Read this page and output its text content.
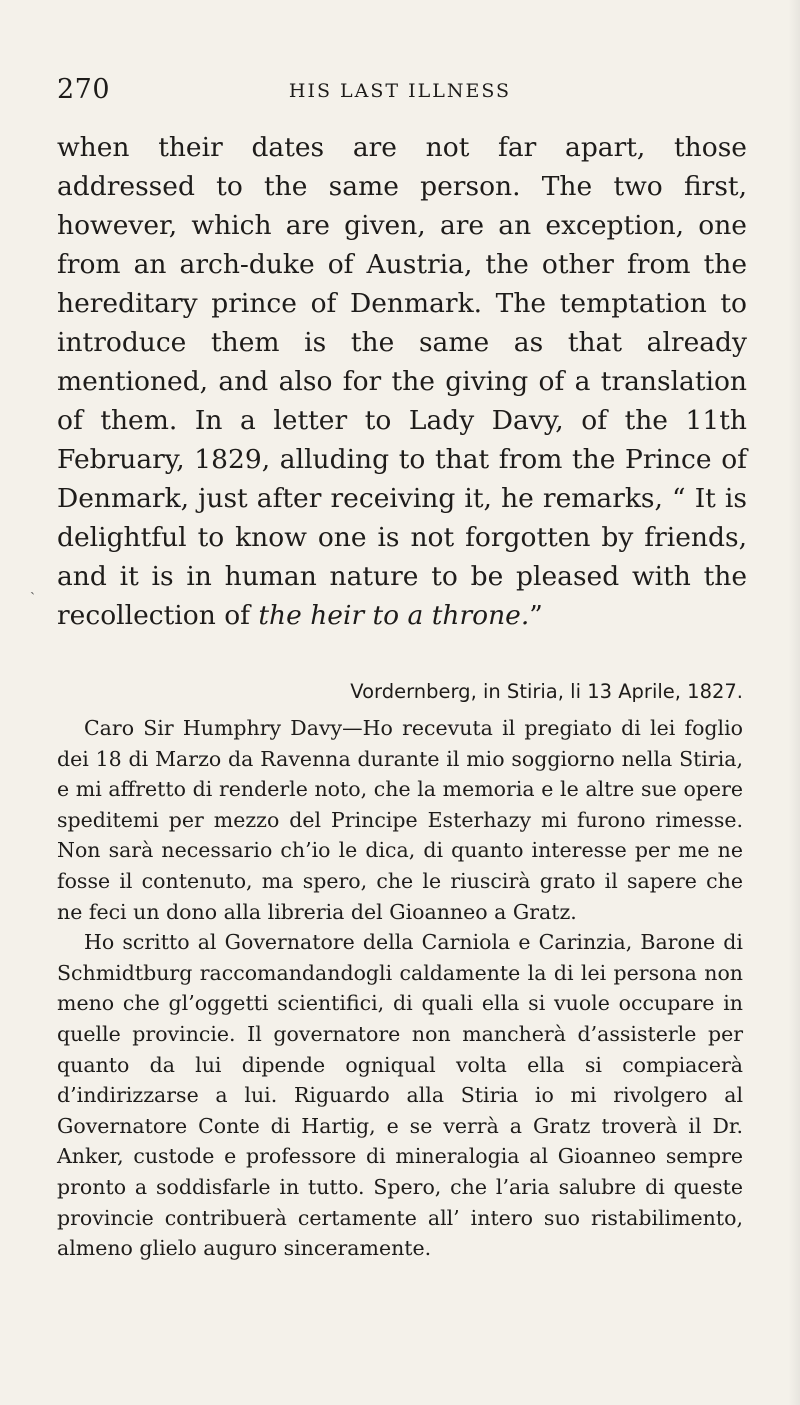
270	HIS LAST ILLNESS

when their dates are not far apart, those addressed to the same person. The two first, however, which are given, are an exception, one from an arch-duke of Austria, the other from the hereditary prince of Denmark. The temptation to introduce them is the same as that already mentioned, and also for the giving of a translation of them. In a letter to Lady Davy, of the 11th February, 1829, alluding to that from the Prince of Denmark, just after receiving it, he remarks, “ It is delightful to know one is not forgotten by friends, and it is in human nature to be pleased with the recollection of the heir to a throne.”

˴
Vordernberg, in Stiria, li 13 Aprile, 1827.

Caro Sir Humphry Davy—Ho recevuta il pregiato di lei foglio dei 18 di Marzo da Ravenna durante il mio soggiorno nella Stiria, e mi affretto di renderle noto, che la memoria e le altre sue opere speditemi per mezzo del Principe Esterhazy mi furono rimesse. Non sarà necessario ch’io le dica, di quanto interesse per me ne fosse il contenuto, ma spero, che le riuscirà grato il sapere che ne feci un dono alla libreria del Gioanneo a Gratz.

Ho scritto al Governatore della Carniola e Carinzia, Barone di Schmidtburg raccomandandogli caldamente la di lei persona non meno che gl’oggetti scientifici, di quali ella si vuole occupare in quelle provincie. Il governatore non mancherà d’assisterle per quanto da lui dipende ogniqual volta ella si compiacerà d’indirizzarse a lui. Riguardo alla Stiria io mi rivolgero al Governatore Conte di Hartig, e se verrà a Gratz troverà il Dr. Anker, custode e professore di mineralogia al Gioanneo sempre pronto a soddisfarle in tutto. Spero, che l’aria salubre di queste provincie contribuerà certamente all’ intero suo ristabilimento, almeno glielo auguro sinceramente.
